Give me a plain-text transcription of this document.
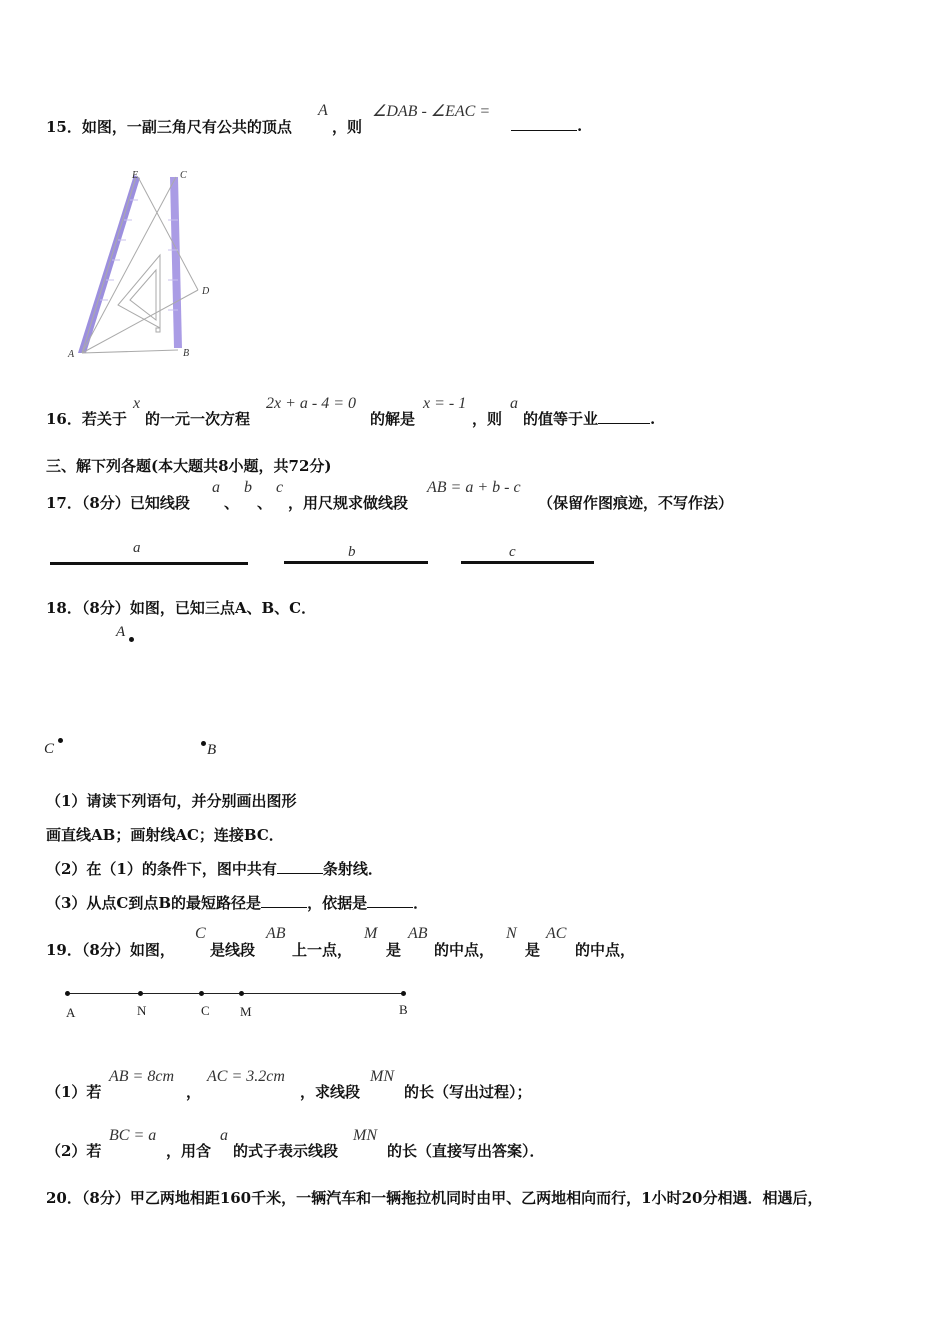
15．如图，一副三角尺有公共的顶点
A
，则
∠DAB - ∠EAC =
.
E	C
D
A	B
16．若关于
x
的一元一次方程
2x + a - 4 = 0
的解是
x = - 1
，则
a
的值等于业	.
三、解下列各题(本大题共8小题，共72分)
17．（8分）已知线段
a
、
b
、
c
，用尺规求做线段
AB = a + b - c
（保留作图痕迹，不写作法）
a	b	c
18．（8分）如图，已知三点A、B、C．
A
C	B
（1）请读下列语句，并分别画出图形
画直线AB；画射线AC；连接BC．
（2）在（1）的条件下，图中共有	条射线．
（3）从点C到点B的最短路径是	，依据是	．
19．（8分）如图，
C
是线段
AB
上一点，
M
是
AB
的中点，
N
是
AC
的中点，
A	N	C M	B
（1）若
AB = 8cm
，
AC = 3.2cm
，求线段
MN
的长（写出过程）；
（2）若
BC = a
，用含
a
的式子表示线段
MN
的长（直接写出答案）．
20．（8分）甲乙两地相距160千米，一辆汽车和一辆拖拉机同时由甲、乙两地相向而行，1小时20分相遇．相遇后，
